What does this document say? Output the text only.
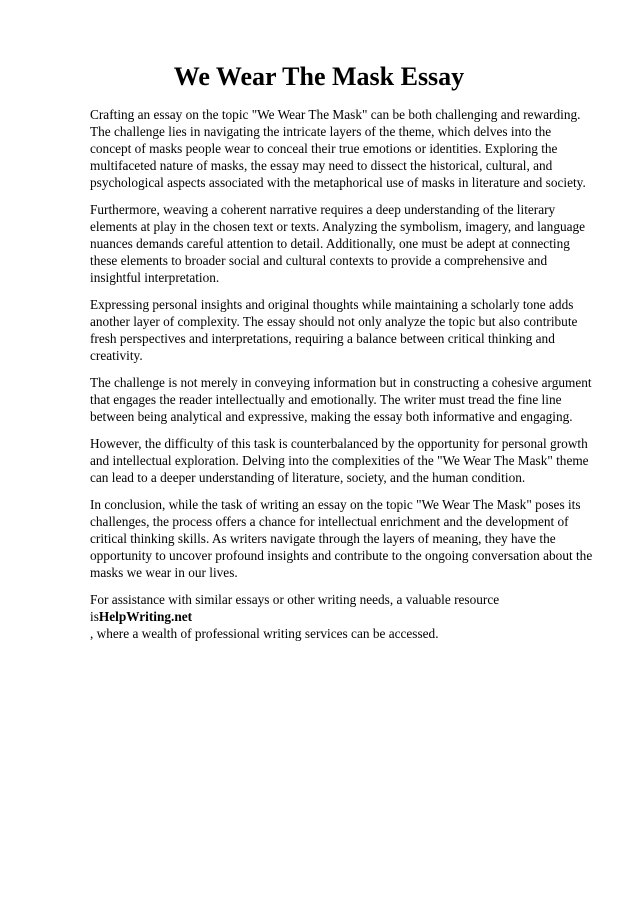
We Wear The Mask Essay

Crafting an essay on the topic "We Wear The Mask" can be both challenging and rewarding. The challenge lies in navigating the intricate layers of the theme, which delves into the concept of masks people wear to conceal their true emotions or identities. Exploring the multifaceted nature of masks, the essay may need to dissect the historical, cultural, and psychological aspects associated with the metaphorical use of masks in literature and society.

Furthermore, weaving a coherent narrative requires a deep understanding of the literary elements at play in the chosen text or texts. Analyzing the symbolism, imagery, and language nuances demands careful attention to detail. Additionally, one must be adept at connecting these elements to broader social and cultural contexts to provide a comprehensive and insightful interpretation.

Expressing personal insights and original thoughts while maintaining a scholarly tone adds another layer of complexity. The essay should not only analyze the topic but also contribute fresh perspectives and interpretations, requiring a balance between critical thinking and creativity.

The challenge is not merely in conveying information but in constructing a cohesive argument that engages the reader intellectually and emotionally. The writer must tread the fine line between being analytical and expressive, making the essay both informative and engaging.

However, the difficulty of this task is counterbalanced by the opportunity for personal growth and intellectual exploration. Delving into the complexities of the "We Wear The Mask" theme can lead to a deeper understanding of literature, society, and the human condition.

In conclusion, while the task of writing an essay on the topic "We Wear The Mask" poses its challenges, the process offers a chance for intellectual enrichment and the development of critical thinking skills. As writers navigate through the layers of meaning, they have the opportunity to uncover profound insights and contribute to the ongoing conversation about the masks we wear in our lives.

For assistance with similar essays or other writing needs, a valuable resource isHelpWriting.net
, where a wealth of professional writing services can be accessed.
